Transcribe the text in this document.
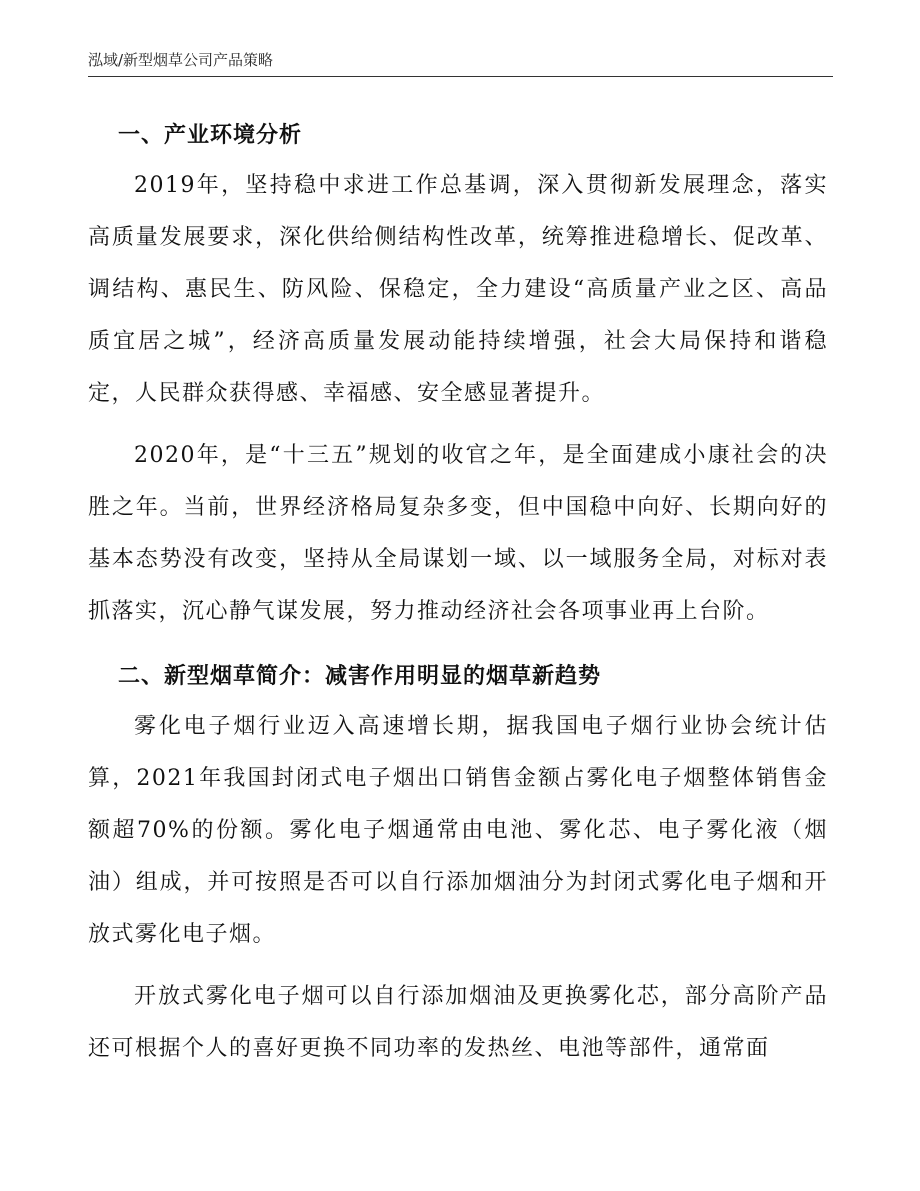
泓域/新型烟草公司产品策略
一、产业环境分析

2019年，坚持稳中求进工作总基调，深入贯彻新发展理念，落实高质量发展要求，深化供给侧结构性改革，统筹推进稳增长、促改革、调结构、惠民生、防风险、保稳定，全力建设“高质量产业之区、高品质宜居之城”，经济高质量发展动能持续增强，社会大局保持和谐稳定，人民群众获得感、幸福感、安全感显著提升。

2020年，是“十三五”规划的收官之年，是全面建成小康社会的决胜之年。当前，世界经济格局复杂多变，但中国稳中向好、长期向好的基本态势没有改变，坚持从全局谋划一域、以一域服务全局，对标对表抓落实，沉心静气谋发展，努力推动经济社会各项事业再上台阶。

二、新型烟草简介：减害作用明显的烟草新趋势

雾化电子烟行业迈入高速增长期，据我国电子烟行业协会统计估算，2021年我国封闭式电子烟出口销售金额占雾化电子烟整体销售金额超70%的份额。雾化电子烟通常由电池、雾化芯、电子雾化液（烟油）组成，并可按照是否可以自行添加烟油分为封闭式雾化电子烟和开放式雾化电子烟。

开放式雾化电子烟可以自行添加烟油及更换雾化芯，部分高阶产品还可根据个人的喜好更换不同功率的发热丝、电池等部件，通常面
